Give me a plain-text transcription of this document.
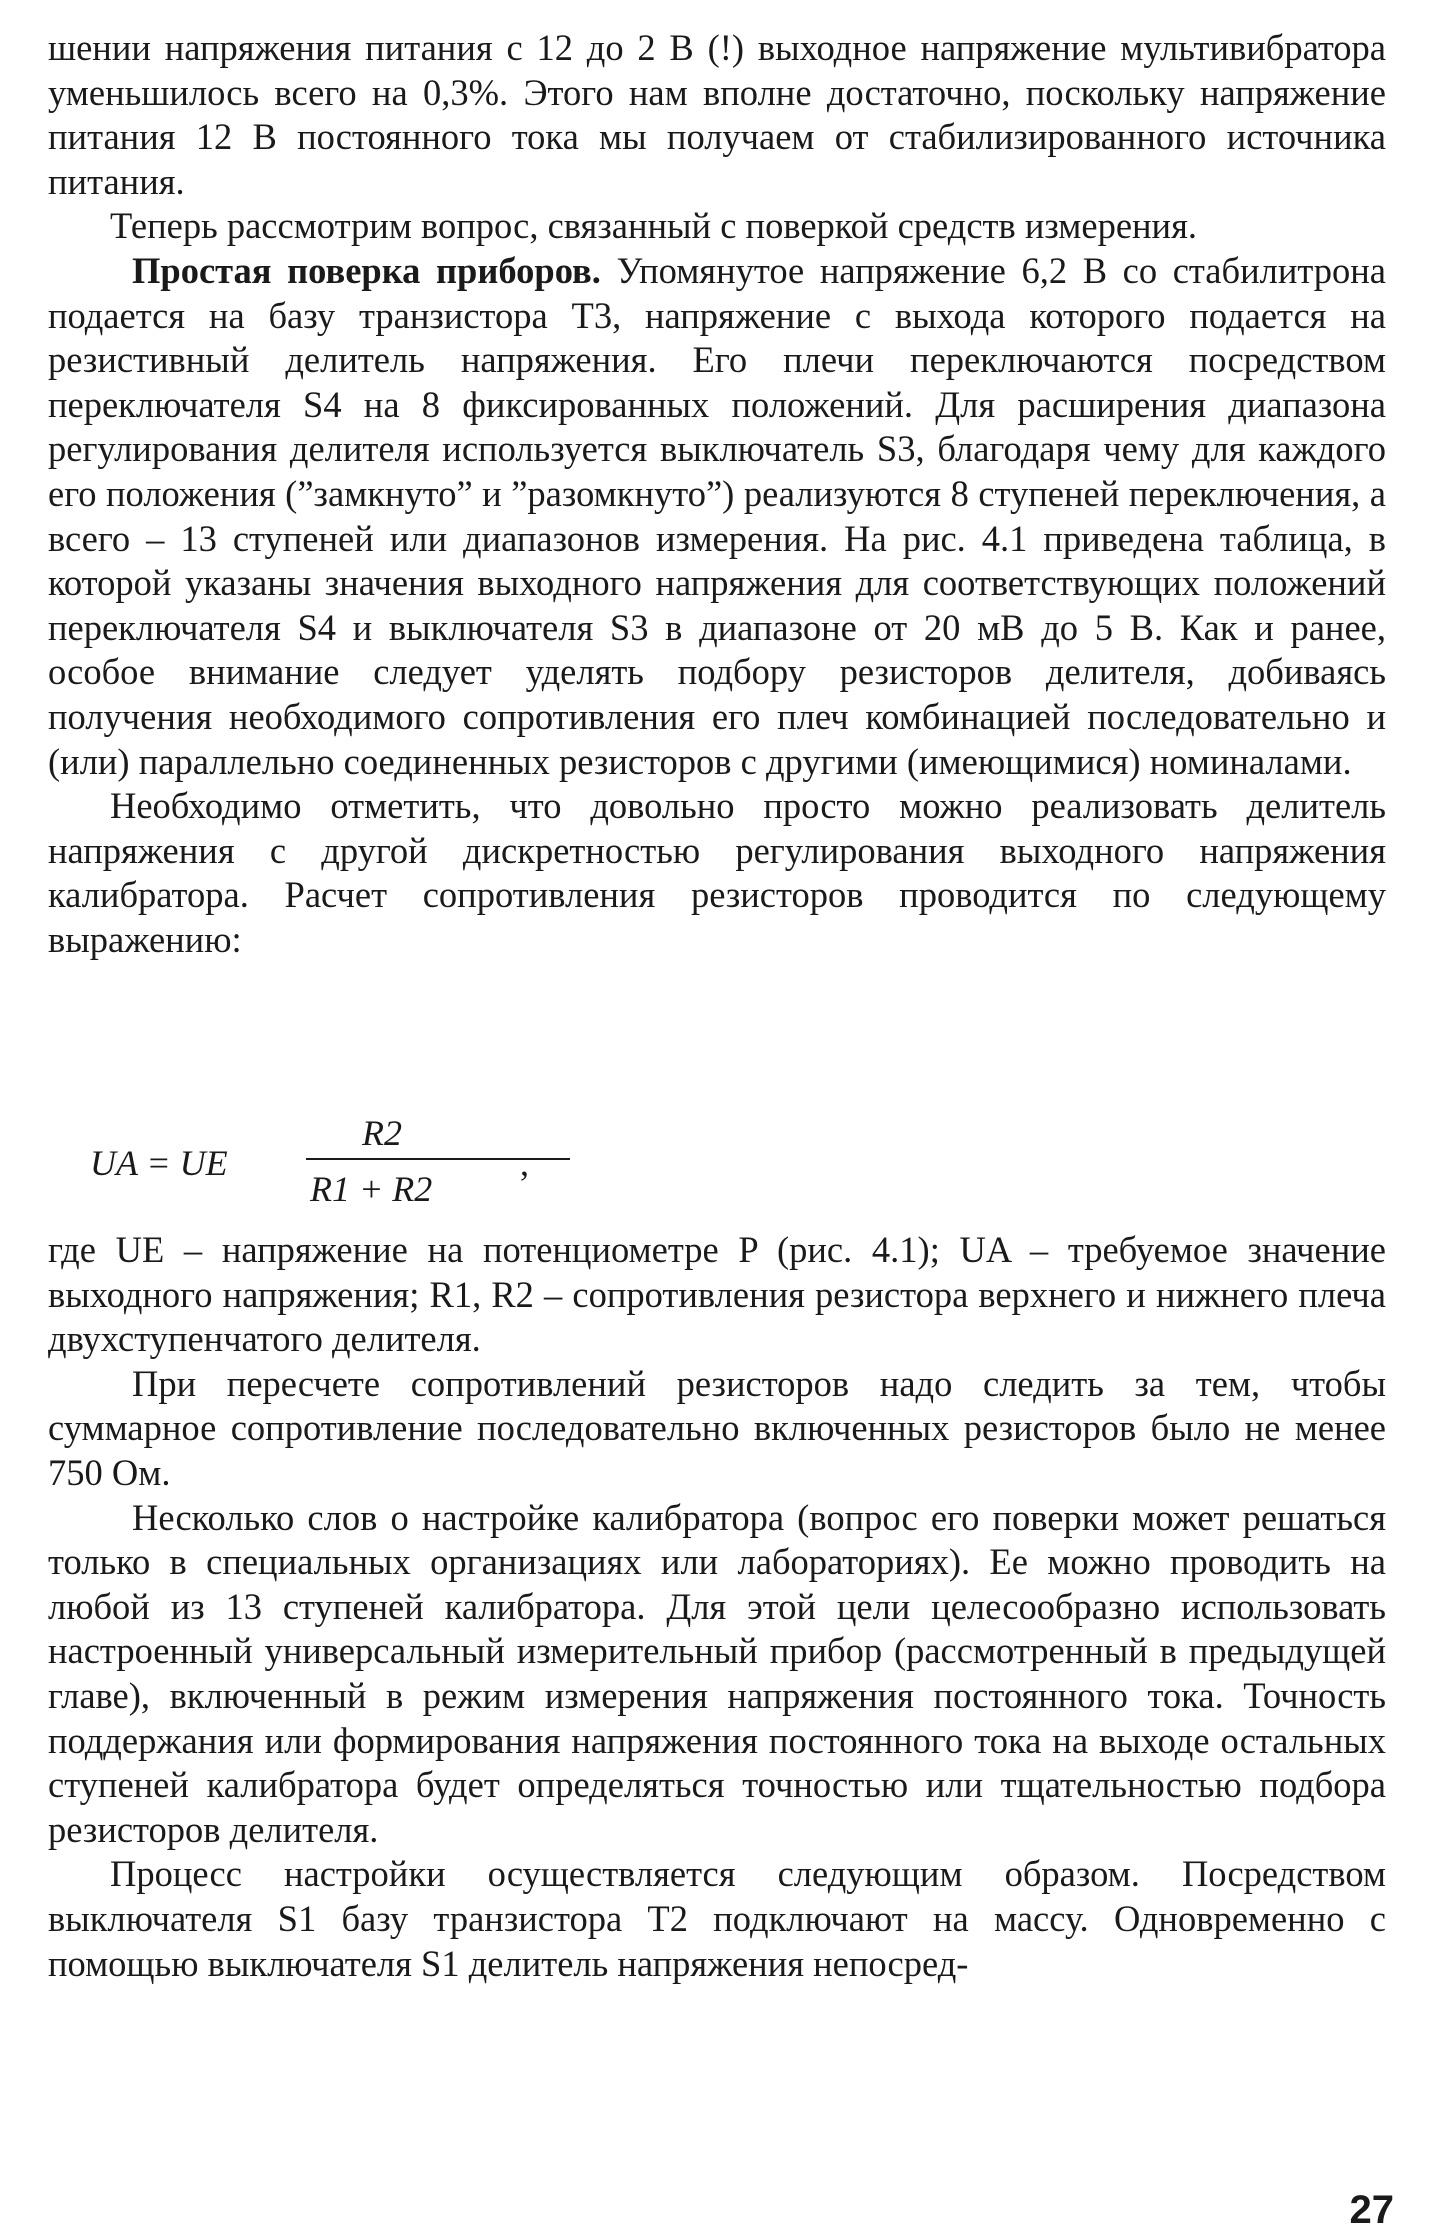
шении напряжения питания с 12 до 2 В (!) выходное напряжение мультивибратора уменьшилось всего на 0,3%. Этого нам вполне достаточно, поскольку напряжение питания 12 В постоянного тока мы получаем от стабилизированного источника питания.

Теперь рассмотрим вопрос, связанный с поверкой средств измерения.

Простая поверка приборов. Упомянутое напряжение 6,2 В со стабилитрона подается на базу транзистора T3, напряжение с выхода которого подается на резистивный делитель напряжения. Его плечи переключаются посредством переключателя S4 на 8 фиксированных положений. Для расширения диапазона регулирования делителя используется выключатель S3, благодаря чему для каждого его положения (”замкнуто” и ”разомкнуто”) реализуются 8 ступеней переключения, а всего – 13 ступеней или диапазонов измерения. На рис. 4.1 приведена таблица, в которой указаны значения выходного напряжения для соответствующих положений переключателя S4 и выключателя S3 в диапазоне от 20 мВ до 5 В. Как и ранее, особое внимание следует уделять подбору резисторов делителя, добиваясь получения необходимого сопротивления его плеч комбинацией последовательно и (или) параллельно соединенных резисторов с другими (имеющимися) номиналами.

Необходимо отметить, что довольно просто можно реализовать делитель напряжения с другой дискретностью регулирования выходного напряжения калибратора. Расчет сопротивления резисторов проводится по следующему выражению:

UA = UE
R2
R1 + R2
,

где UE – напряжение на потенциометре P (рис. 4.1); UA – требуемое значение выходного напряжения; R1, R2 – сопротивления резистора верхнего и нижнего плеча двухступенчатого делителя.

При пересчете сопротивлений резисторов надо следить за тем, чтобы суммарное сопротивление последовательно включенных резисторов было не менее 750 Ом.

Несколько слов о настройке калибратора (вопрос его поверки может решаться только в специальных организациях или лабораториях). Ее можно проводить на любой из 13 ступеней калибратора. Для этой цели целесообразно использовать настроенный универсальный измерительный прибор (рассмотренный в предыдущей главе), включенный в режим измерения напряжения постоянного тока. Точность поддержания или формирования напряжения постоянного тока на выходе остальных ступеней калибратора будет определяться точностью или тщательностью подбора резисторов делителя.

Процесс настройки осуществляется следующим образом. Посредством выключателя S1 базу транзистора T2 подключают на массу. Одновременно с помощью выключателя S1 делитель напряжения непосред-

27
